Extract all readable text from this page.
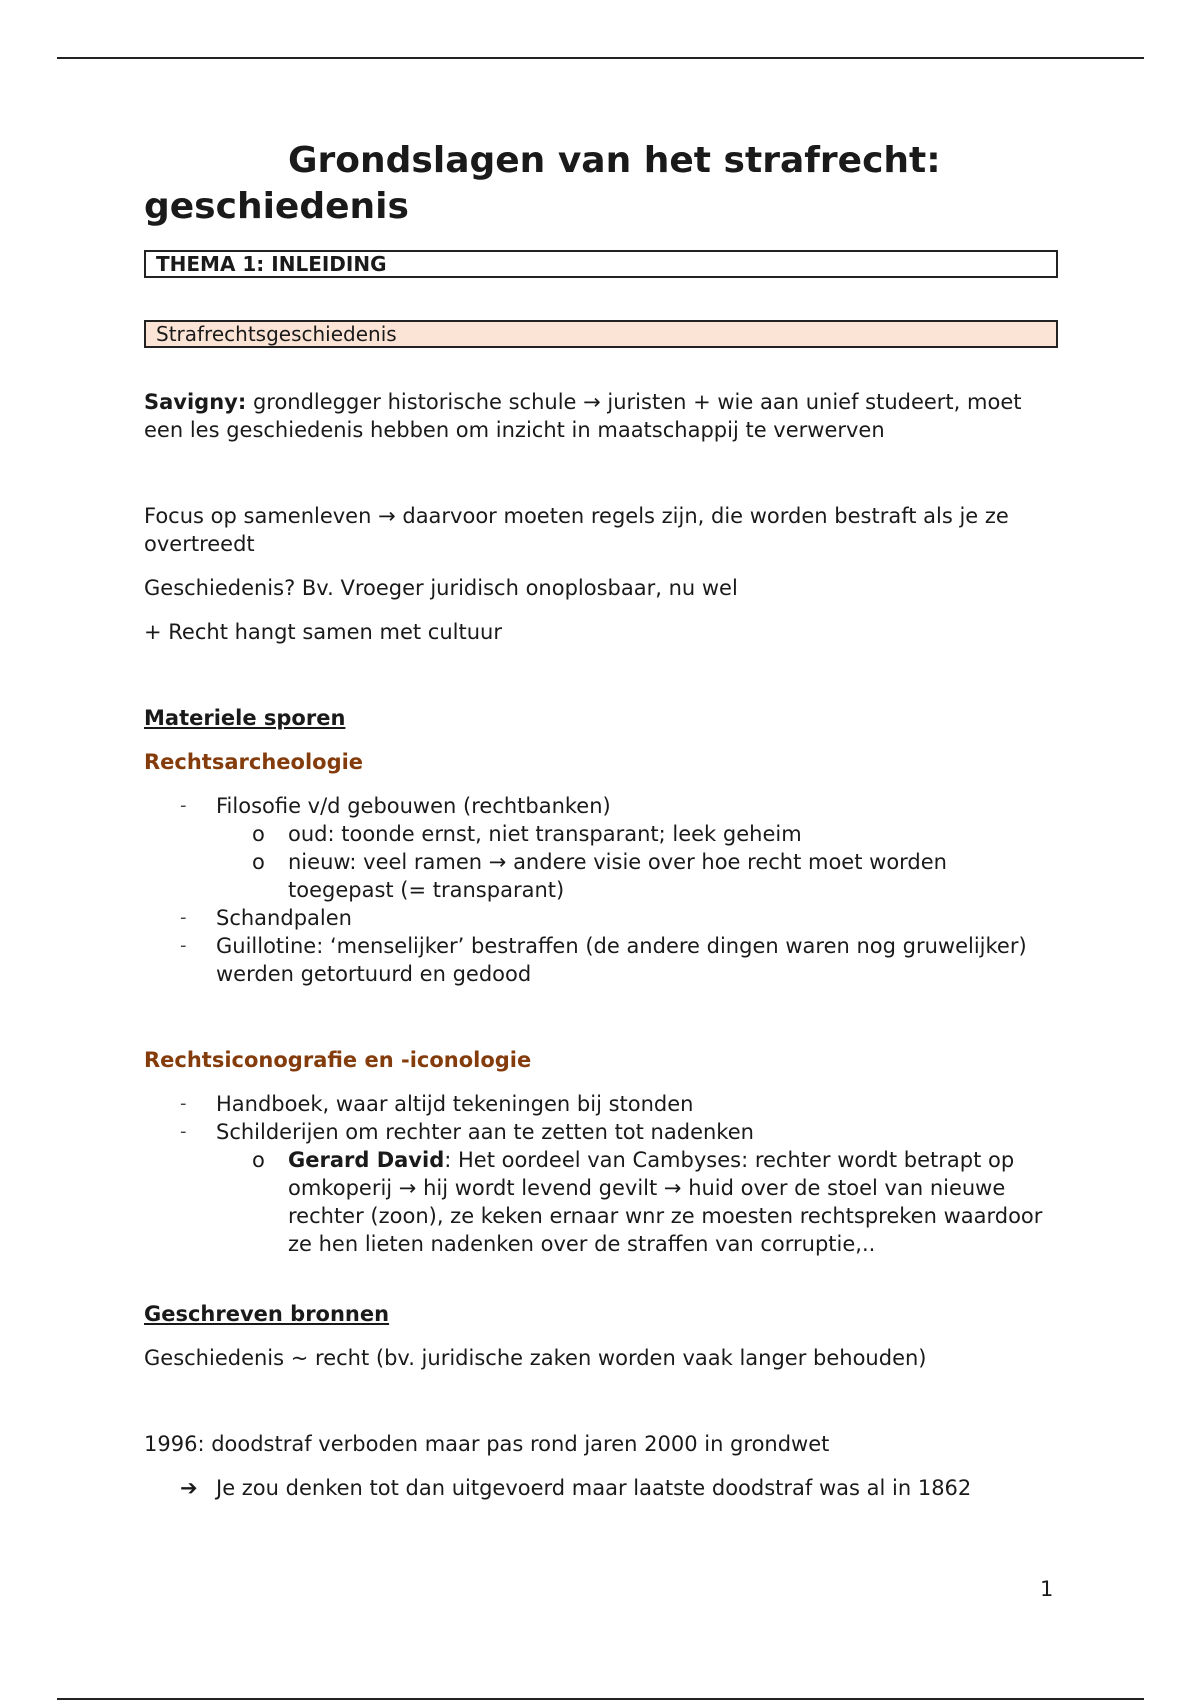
Grondslagen van het strafrecht: geschiedenis
THEMA 1: INLEIDING
Strafrechtsgeschiedenis

Savigny: grondlegger historische schule → juristen + wie aan unief studeert, moet een les geschiedenis hebben om inzicht in maatschappij te verwerven

Focus op samenleven → daarvoor moeten regels zijn, die worden bestraft als je ze overtreedt

Geschiedenis? Bv. Vroeger juridisch onoplosbaar, nu wel

+ Recht hangt samen met cultuur

Materiele sporen
Rechtsarcheologie
- Filosofie v/d gebouwen (rechtbanken)
o oud: toonde ernst, niet transparant; leek geheim
o nieuw: veel ramen → andere visie over hoe recht moet worden toegepast (= transparant)
- Schandpalen
- Guillotine: ‘menselijker’ bestraffen (de andere dingen waren nog gruwelijker) werden getortuurd en gedood
Rechtsiconografie en -iconologie
- Handboek, waar altijd tekeningen bij stonden
- Schilderijen om rechter aan te zetten tot nadenken
o Gerard David: Het oordeel van Cambyses: rechter wordt betrapt op omkoperij → hij wordt levend gevilt → huid over de stoel van nieuwe rechter (zoon), ze keken ernaar wnr ze moesten rechtspreken waardoor ze hen lieten nadenken over de straffen van corruptie,..
Geschreven bronnen

Geschiedenis ~ recht (bv. juridische zaken worden vaak langer behouden)

1996: doodstraf verboden maar pas rond jaren 2000 in grondwet

➔ Je zou denken tot dan uitgevoerd maar laatste doodstraf was al in 1862
1
